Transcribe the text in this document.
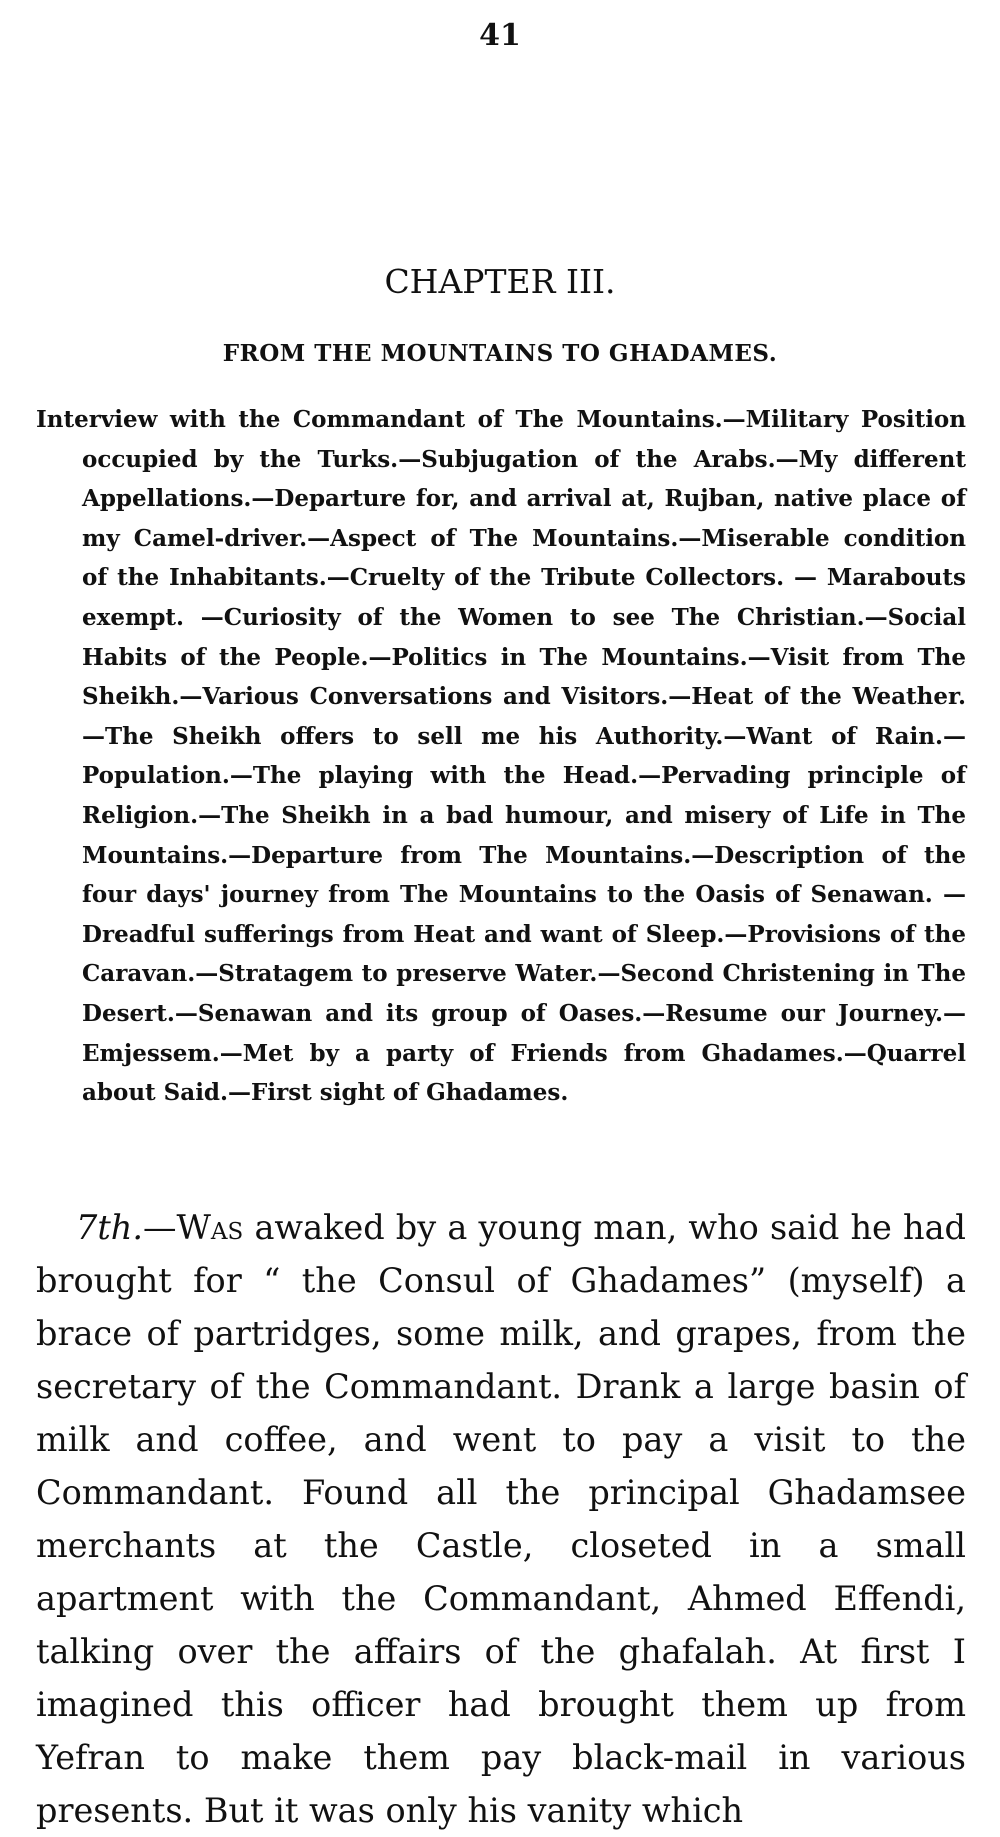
41
CHAPTER III.
FROM THE MOUNTAINS TO GHADAMES.

Interview with the Commandant of The Mountains.—Military Position occupied by the Turks.—Subjugation of the Arabs.—My different Appellations.—Departure for, and arrival at, Rujban, native place of my Camel-driver.—Aspect of The Mountains.—Miserable condition of the Inhabitants.—Cruelty of the Tribute Collectors. — Marabouts exempt. —Curiosity of the Women to see The Christian.—Social Habits of the People.—Politics in The Mountains.—Visit from The Sheikh.—Various Conversations and Visitors.—Heat of the Weather.—The Sheikh offers to sell me his Authority.—Want of Rain.—Population.—The playing with the Head.—Pervading principle of Religion.—The Sheikh in a bad humour, and misery of Life in The Mountains.—Departure from The Mountains.—Description of the four days' journey from The Mountains to the Oasis of Senawan. —Dreadful sufferings from Heat and want of Sleep.—Provisions of the Caravan.—Stratagem to preserve Water.—Second Christening in The Desert.—Senawan and its group of Oases.—Resume our Journey.—Emjessem.—Met by a party of Friends from Ghadames.—Quarrel about Said.—First sight of Ghadames.

7th.—Was awaked by a young man, who said he had brought for “ the Consul of Ghadames” (myself) a brace of partridges, some milk, and grapes, from the secretary of the Commandant. Drank a large basin of milk and coffee, and went to pay a visit to the Commandant. Found all the principal Ghadamsee merchants at the Castle, closeted in a small apartment with the Commandant, Ahmed Effendi, talking over the affairs of the ghafalah. At first I imagined this officer had brought them up from Yefran to make them pay black-mail in various presents. But it was only his vanity which
